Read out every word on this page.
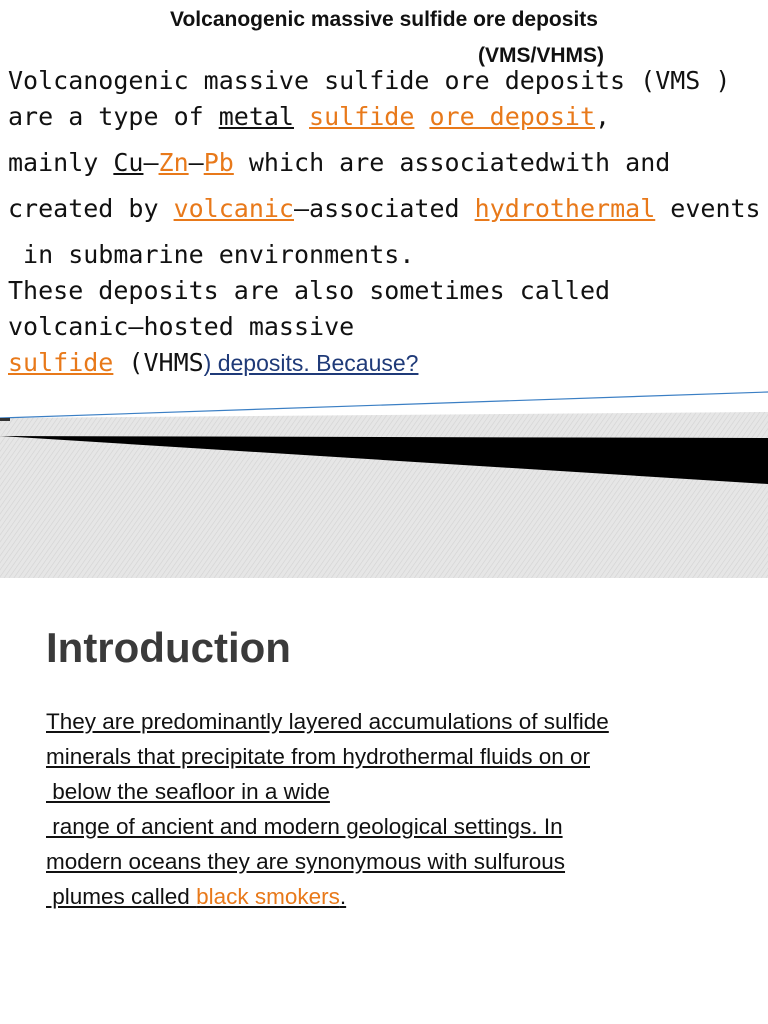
Volcanogenic massive sulfide ore deposits
(VMS/VHMS)
Volcanogenic massive sulfide ore deposits (VMS )
are a type of metal sulfide ore deposit,
mainly Cu–Zn–Pb which are associatedwith and
created by volcanic–associated hydrothermal events
in submarine environments.
These deposits are also sometimes called
volcanic–hosted massive
sulfide (VHMS) deposits. Because?
Introduction
They are predominantly layered accumulations of sulfide
minerals that precipitate from hydrothermal fluids on or
below the seafloor in a wide
range of ancient and modern geological settings. In
modern oceans they are synonymous with sulfurous
plumes called black smokers.
